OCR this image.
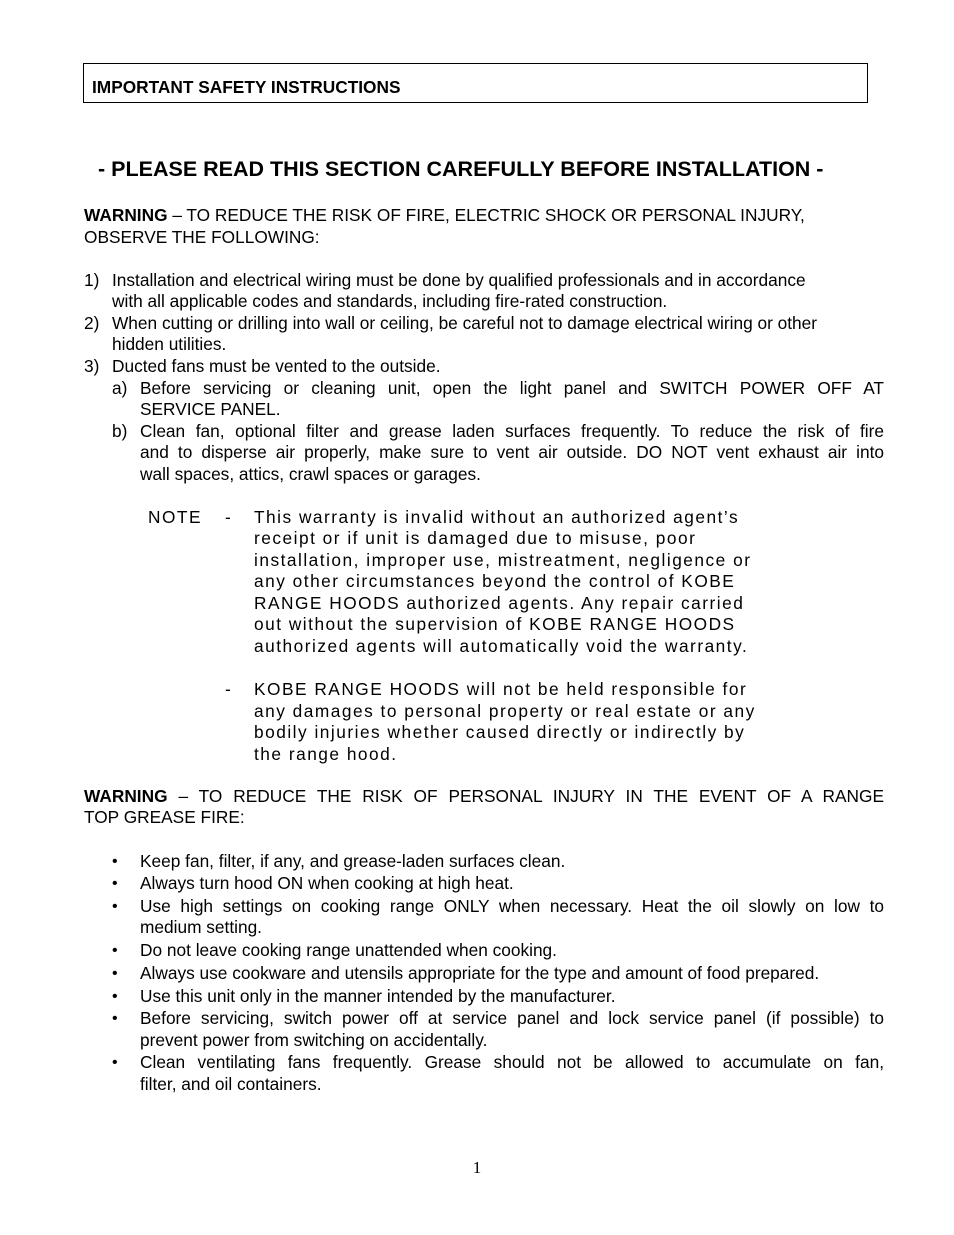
IMPORTANT SAFETY INSTRUCTIONS
- PLEASE READ THIS SECTION CAREFULLY BEFORE INSTALLATION -
WARNING – TO REDUCE THE RISK OF FIRE, ELECTRIC SHOCK OR PERSONAL INJURY, OBSERVE THE FOLLOWING:
1) Installation and electrical wiring must be done by qualified professionals and in accordance
with all applicable codes and standards, including fire-rated construction.
2) When cutting or drilling into wall or ceiling, be careful not to damage electrical wiring or other
hidden utilities.
3) Ducted fans must be vented to the outside.
a) Before servicing or cleaning unit, open the light panel and SWITCH POWER OFF AT
SERVICE PANEL.
b) Clean fan, optional filter and grease laden surfaces frequently. To reduce the risk of fire
and to disperse air properly, make sure to vent air outside. DO NOT vent exhaust air into
wall spaces, attics, crawl spaces or garages.
NOTE - This warranty is invalid without an authorized agent’s
receipt or if unit is damaged due to misuse, poor
installation, improper use, mistreatment, negligence or
any other circumstances beyond the control of KOBE
RANGE HOODS authorized agents. Any repair carried
out without the supervision of KOBE RANGE HOODS
authorized agents will automatically void the warranty.
- KOBE RANGE HOODS will not be held responsible for
any damages to personal property or real estate or any
bodily injuries whether caused directly or indirectly by
the range hood.
WARNING – TO REDUCE THE RISK OF PERSONAL INJURY IN THE EVENT OF A RANGE
TOP GREASE FIRE:
• Keep fan, filter, if any, and grease-laden surfaces clean.
• Always turn hood ON when cooking at high heat.
• Use high settings on cooking range ONLY when necessary. Heat the oil slowly on low to
medium setting.
• Do not leave cooking range unattended when cooking.
• Always use cookware and utensils appropriate for the type and amount of food prepared.
• Use this unit only in the manner intended by the manufacturer.
• Before servicing, switch power off at service panel and lock service panel (if possible) to
prevent power from switching on accidentally.
• Clean ventilating fans frequently. Grease should not be allowed to accumulate on fan,
filter, and oil containers.
1
